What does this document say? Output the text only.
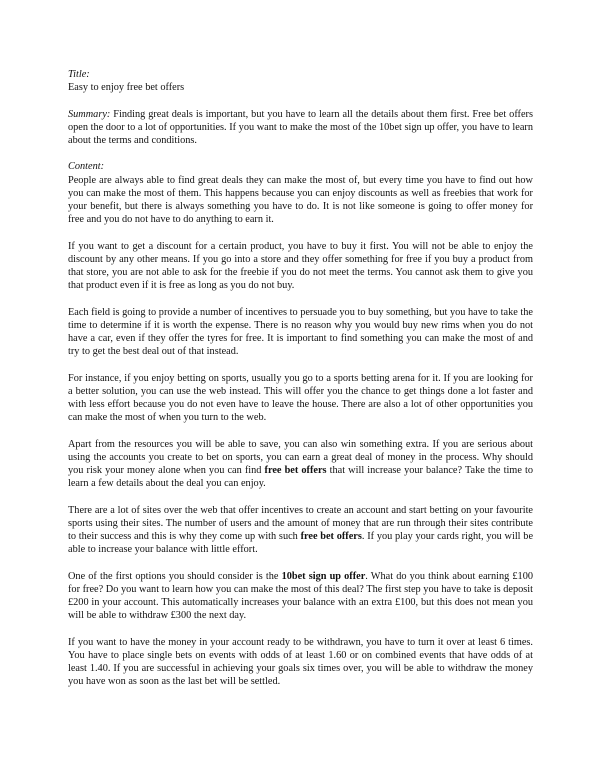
Title:

Easy to enjoy free bet offers

Summary: Finding great deals is important, but you have to learn all the details about them first. Free bet offers open the door to a lot of opportunities. If you want to make the most of the 10bet sign up offer, you have to learn about the terms and conditions.

Content:

People are always able to find great deals they can make the most of, but every time you have to find out how you can make the most of them. This happens because you can enjoy discounts as well as freebies that work for your benefit, but there is always something you have to do. It is not like someone is going to offer money for free and you do not have to do anything to earn it.

If you want to get a discount for a certain product, you have to buy it first. You will not be able to enjoy the discount by any other means. If you go into a store and they offer something for free if you buy a product from that store, you are not able to ask for the freebie if you do not meet the terms. You cannot ask them to give you that product even if it is free as long as you do not buy.

Each field is going to provide a number of incentives to persuade you to buy something, but you have to take the time to determine if it is worth the expense. There is no reason why you would buy new rims when you do not have a car, even if they offer the tyres for free. It is important to find something you can make the most of and try to get the best deal out of that instead.

For instance, if you enjoy betting on sports, usually you go to a sports betting arena for it. If you are looking for a better solution, you can use the web instead. This will offer you the chance to get things done a lot faster and with less effort because you do not even have to leave the house. There are also a lot of other opportunities you can make the most of when you turn to the web.

Apart from the resources you will be able to save, you can also win something extra. If you are serious about using the accounts you create to bet on sports, you can earn a great deal of money in the process. Why should you risk your money alone when you can find free bet offers that will increase your balance? Take the time to learn a few details about the deal you can enjoy.

There are a lot of sites over the web that offer incentives to create an account and start betting on your favourite sports using their sites. The number of users and the amount of money that are run through their sites contribute to their success and this is why they come up with such free bet offers. If you play your cards right, you will be able to increase your balance with little effort.

One of the first options you should consider is the 10bet sign up offer. What do you think about earning £100 for free? Do you want to learn how you can make the most of this deal? The first step you have to take is deposit £200 in your account. This automatically increases your balance with an extra £100, but this does not mean you will be able to withdraw £300 the next day.

If you want to have the money in your account ready to be withdrawn, you have to turn it over at least 6 times. You have to place single bets on events with odds of at least 1.60 or on combined events that have odds of at least 1.40. If you are successful in achieving your goals six times over, you will be able to withdraw the money you have won as soon as the last bet will be settled.
